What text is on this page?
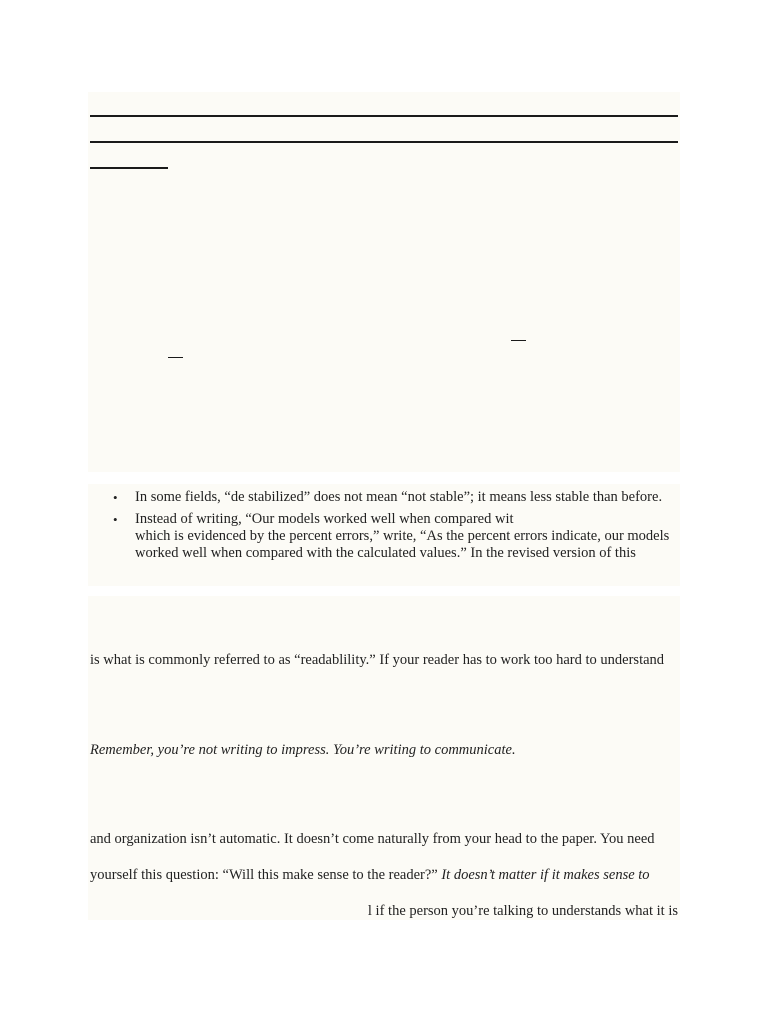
• In some fields, “de stabilized” does not mean “not stable”; it means less stable than before.
• Instead of writing, “Our models worked well when compared wit
which is evidenced by the percent errors,” write, “As the percent errors indicate, our models
worked well when compared with the calculated values.” In the revised version of this
is what is commonly referred to as “readablility.” If your reader has to work too hard to understand
Remember, you’re not writing to impress. You’re writing to communicate.
and organization isn’t automatic. It doesn’t come naturally from your head to the paper. You need
yourself this question: “Will this make sense to the reader?” It doesn’t matter if it makes sense to
l if the person you’re talking to understands what it is
